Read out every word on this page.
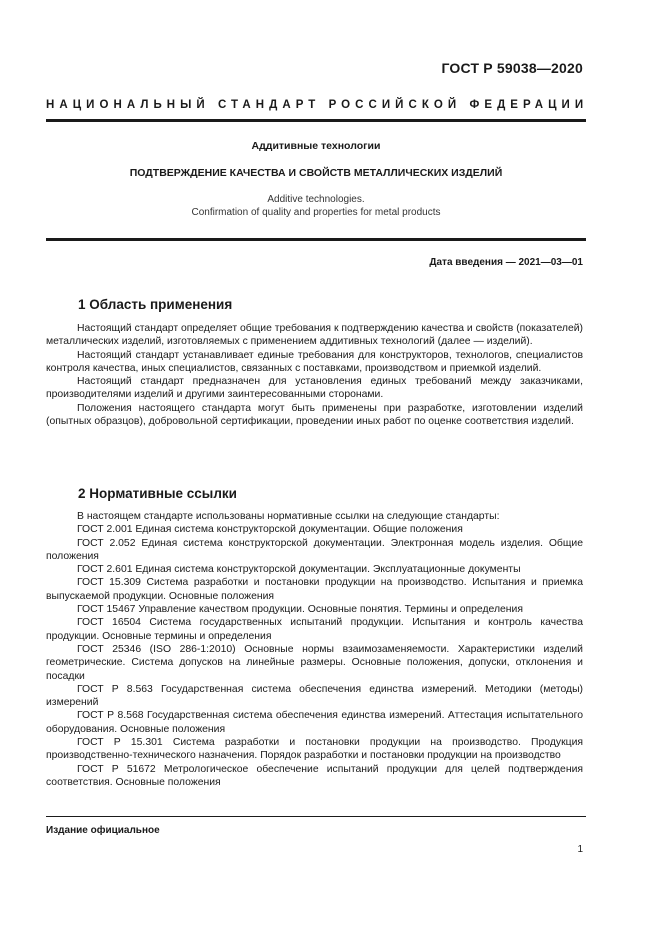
ГОСТ Р 59038—2020
НАЦИОНАЛЬНЫЙ СТАНДАРТ РОССИЙСКОЙ ФЕДЕРАЦИИ
Аддитивные технологии
ПОДТВЕРЖДЕНИЕ КАЧЕСТВА И СВОЙСТВ МЕТАЛЛИЧЕСКИХ ИЗДЕЛИЙ
Additive technologies.
Confirmation of quality and properties for metal products
Дата введения — 2021—03—01
1 Область применения

Настоящий стандарт определяет общие требования к подтверждению качества и свойств (показателей) металлических изделий, изготовляемых с применением аддитивных технологий (далее — изделий).

Настоящий стандарт устанавливает единые требования для конструкторов, технологов, специалистов контроля качества, иных специалистов, связанных с поставками, производством и приемкой изделий.

Настоящий стандарт предназначен для установления единых требований между заказчиками, производителями изделий и другими заинтересованными сторонами.

Положения настоящего стандарта могут быть применены при разработке, изготовлении изделий (опытных образцов), добровольной сертификации, проведении иных работ по оценке соответствия изделий.

2 Нормативные ссылки

В настоящем стандарте использованы нормативные ссылки на следующие стандарты:

ГОСТ 2.001 Единая система конструкторской документации. Общие положения

ГОСТ 2.052 Единая система конструкторской документации. Электронная модель изделия. Общие положения

ГОСТ 2.601 Единая система конструкторской документации. Эксплуатационные документы

ГОСТ 15.309 Система разработки и постановки продукции на производство. Испытания и приемка выпускаемой продукции. Основные положения

ГОСТ 15467 Управление качеством продукции. Основные понятия. Термины и определения

ГОСТ 16504 Система государственных испытаний продукции. Испытания и контроль качества продукции. Основные термины и определения

ГОСТ 25346 (ISO 286-1:2010) Основные нормы взаимозаменяемости. Характеристики изделий геометрические. Система допусков на линейные размеры. Основные положения, допуски, отклонения и посадки

ГОСТ Р 8.563 Государственная система обеспечения единства измерений. Методики (методы) измерений

ГОСТ Р 8.568 Государственная система обеспечения единства измерений. Аттестация испытательного оборудования. Основные положения

ГОСТ Р 15.301 Система разработки и постановки продукции на производство. Продукция производственно-технического назначения. Порядок разработки и постановки продукции на производство

ГОСТ Р 51672 Метрологическое обеспечение испытаний продукции для целей подтверждения соответствия. Основные положения

Издание официальное
1
